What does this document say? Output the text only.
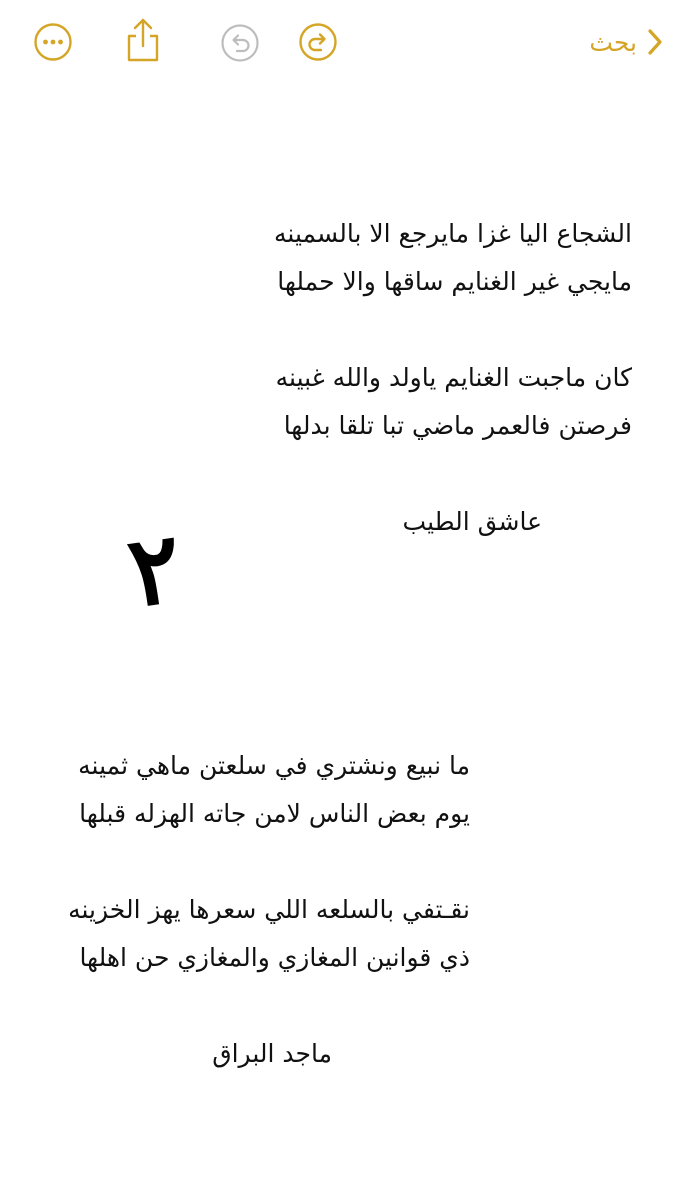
بحث
الشجاع اليا غزا مايرجع الا بالسمينه
مايجي غير الغنايم ساقها والا حملها
كان ماجبت الغنايم ياولد والله غبينه
فرصتن فالعمر ماضي تبا تلقا بدلها
عاشق الطيب
٢
ما نبيع ونشتري في سلعتن ماهي ثمينه
يوم بعض الناس لامن جاته الهزله قبلها
نقـتفي بالسلعه اللي سعرها يهز الخزينه
ذي قوانين المغازي والمغازي حن اهلها
ماجد البراق
